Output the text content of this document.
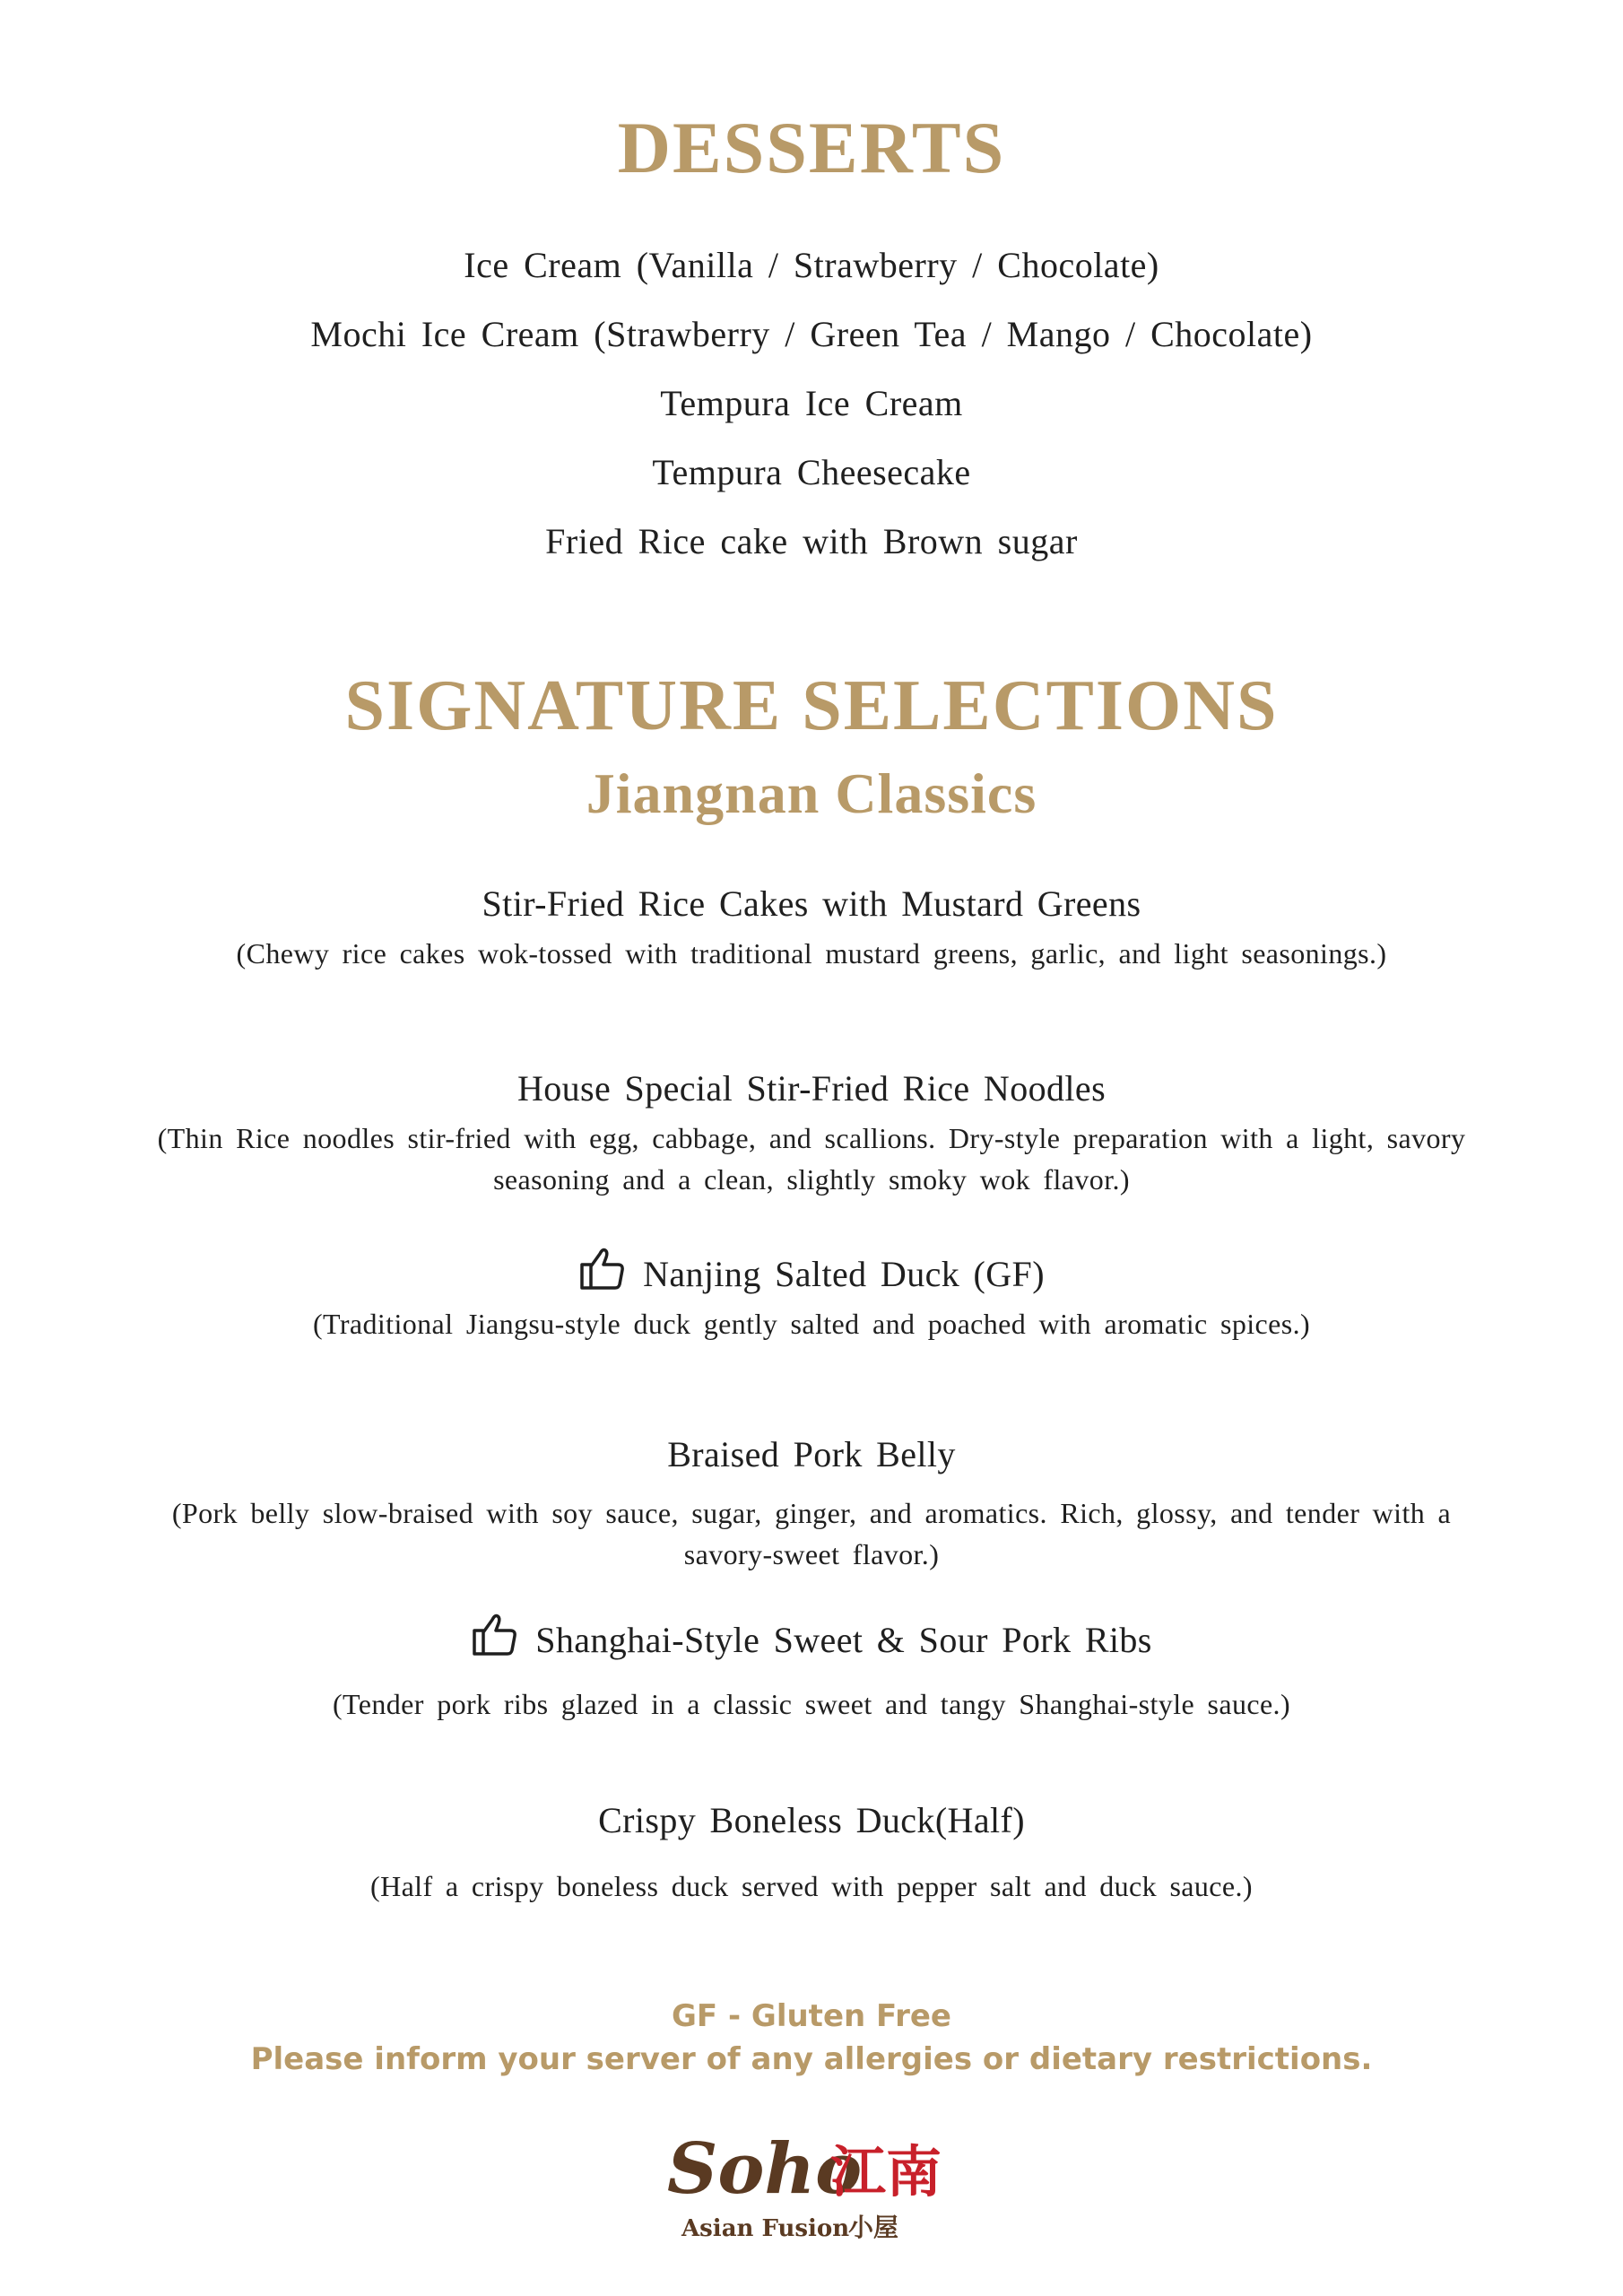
DESSERTS
Ice Cream (Vanilla / Strawberry / Chocolate)
Mochi Ice Cream (Strawberry / Green Tea / Mango / Chocolate)
Tempura Ice Cream
Tempura Cheesecake
Fried Rice cake with Brown sugar
SIGNATURE SELECTIONS
Jiangnan Classics
Stir-Fried Rice Cakes with Mustard Greens
(Chewy rice cakes wok-tossed with traditional mustard greens, garlic, and light seasonings.)
House Special Stir-Fried Rice Noodles
(Thin Rice noodles stir-fried with egg, cabbage, and scallions. Dry-style preparation with a light, savory seasoning and a clean, slightly smoky wok flavor.)
Nanjing Salted Duck (GF)
(Traditional Jiangsu-style duck gently salted and poached with aromatic spices.)
Braised Pork Belly
(Pork belly slow-braised with soy sauce, sugar, ginger, and aromatics. Rich, glossy, and tender with a savory-sweet flavor.)
Shanghai-Style Sweet & Sour Pork Ribs
(Tender pork ribs glazed in a classic sweet and tangy Shanghai-style sauce.)
Crispy Boneless Duck(Half)
(Half a crispy boneless duck served with pepper salt and duck sauce.)
GF - Gluten Free
Please inform your server of any allergies or dietary restrictions.
Soho
江南
Asian Fusion
小屋
